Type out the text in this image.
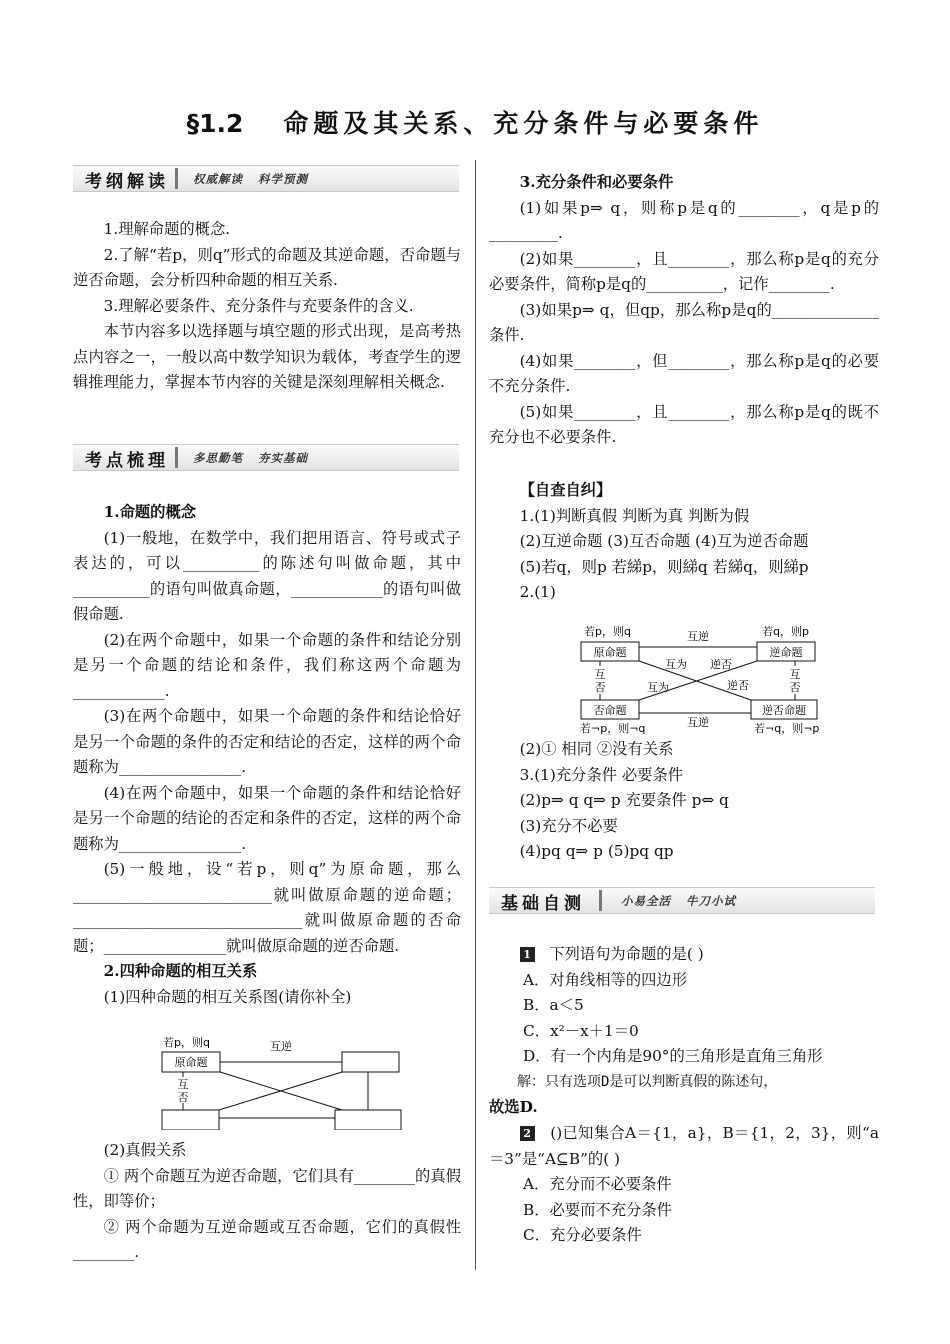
§1.2 命题及其关系、充分条件与必要条件
考纲解读 权威解读   科学预测

1.理解命题的概念.

2.了解“若p，则q”形式的命题及其逆命题，否命题与逆否命题，会分析四种命题的相互关系.

3.理解必要条件、充分条件与充要条件的含义.

本节内容多以选择题与填空题的形式出现，是高考热点内容之一，一般以高中数学知识为载体，考查学生的逻辑推理能力，掌握本节内容的关键是深刻理解相关概念.

考点梳理 多思勤笔   夯实基础

1.命题的概念

(1)一般地，在数学中，我们把用语言、符号或式子表达的，可以__________的陈述句叫做命题，其中__________的语句叫做真命题，____________的语句叫做假命题.

(2)在两个命题中，如果一个命题的条件和结论分别是另一个命题的结论和条件，我们称这两个命题为____________.

(3)在两个命题中，如果一个命题的条件和结论恰好是另一个命题的条件的否定和结论的否定，这样的两个命题称为________________.

(4)在两个命题中，如果一个命题的条件和结论恰好是另一个命题的结论的否定和条件的否定，这样的两个命题称为________________.

(5)一般地，设“若p，则q”为原命题，那么__________________________就叫做原命题的逆命题；______________________________就叫做原命题的否命题；________________就叫做原命题的逆否命题.

2.四种命题的相互关系

(1)四种命题的相互关系图(请你补全)

若p，则q
原命题
互逆
互
否

(2)真假关系

① 两个命题互为逆否命题，它们具有________的真假性，即等价；

② 两个命题为互逆命题或互否命题，它们的真假性________.

3.充分条件和必要条件

(1)如果p⇒ q，则称p是q的________，q是p的_________.

(2)如果________，且________，那么称p是q的充分必要条件，简称p是q的__________，记作________.

(3)如果p⇒ q，但qp，那么称p是q的______________条件.

(4)如果________，但________，那么称p是q的必要不充分条件.

(5)如果________，且________，那么称p是q的既不充分也不必要条件.

【自查自纠】

1.(1)判断真假 判断为真 判断为假

(2)互逆命题 (3)互否命题 (4)互为逆否命题

(5)若q，则p 若綈p，则綈q 若綈q，则綈p

2.(1)

若p，则q	若q，则p
原命题	逆命题
否命题	逆否命题
互逆
互逆
互
否
互
否
互为 逆否
互为	逆否
若¬p，则¬q	若¬q，则¬p

(2)① 相同 ②没有关系

3.(1)充分条件 必要条件

(2)p⇒ q q⇒ p 充要条件 p⇔ q

(3)充分不必要

(4)pq q⇒ p (5)pq qp

基础自测	小易全活   牛刀小试

1 下列语句为命题的是( )

A．对角线相等的四边形

B．a＜5

C．x²－x＋1＝0

D．有一个内角是90°的三角形是直角三角形

解：只有选项D是可以判断真假的陈述句，

故选D.

2 ()已知集合A＝{1，a}，B＝{1，2，3}，则“a＝3”是“A⊆B”的( )

A．充分而不必要条件

B．必要而不充分条件

C．充分必要条件
